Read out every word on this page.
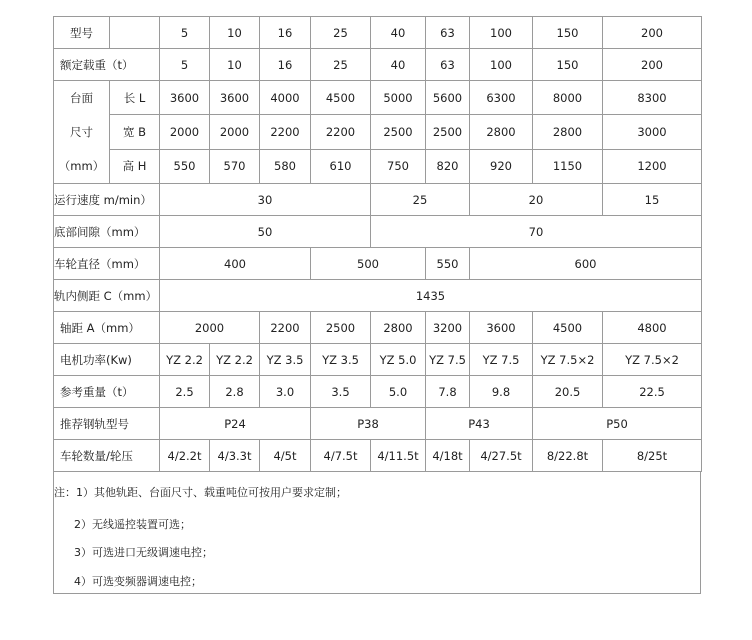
型号		5	10	16	25	40	63	100	150	200
额定载重（t）		5	10	16	25	40	63	100	150	200

台面
尺寸
（mm）	长 L	3600	3600	4000	4500	5000	5600	6300	8000	8300
	宽 B	2000	2000	2200	2200	2500	2500	2800	2800	3000
	高 H	550	570	580	610	750	820	920	1150	1200
运行速度 m/min）		30				25		20		15
底部间隙（mm）		50				70				
车轮直径（mm）		400			500		550	600		
轨内侧距 C（mm）		1435								
轴距 A（mm）		2000		2200	2500	2800	3200	3600	4500	4800
电机功率(Kw)		YZ 2.2	YZ 2.2	YZ 3.5	YZ 3.5	YZ 5.0	YZ 7.5	YZ 7.5	YZ 7.5×2	YZ 7.5×2
参考重量（t）		2.5	2.8	3.0	3.5	5.0	7.8	9.8	20.5	22.5
推荐钢轨型号		P24			P38		P43		P50	
车轮数量/轮压		4/2.2t	4/3.3t	4/5t	4/7.5t	4/11.5t	4/18t	4/27.5t	8/22.8t	8/25t
注：1）其他轨距、台面尺寸、载重吨位可按用户要求定制；
2）无线遥控装置可选；
3）可选进口无级调速电控；
4）可选变频器调速电控；
